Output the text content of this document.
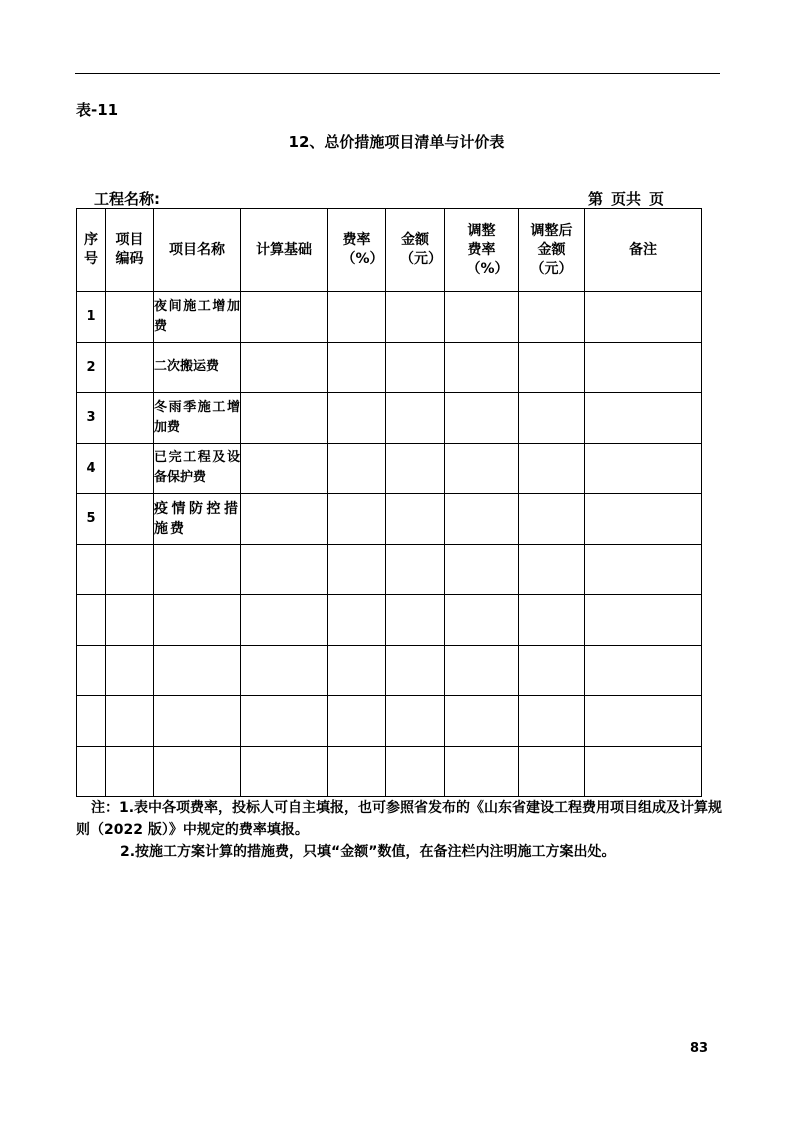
表-11
12、总价措施项目清单与计价表
工程名称:	第 页共 页
序号	项目编码	项目名称	计算基础	费率（%）	金额（元）	调整费率（%）	调整后金额（元）	备注

1		夜间施工增加费						
2		二次搬运费						
3		冬雨季施工增加费						
4		已完工程及设备保护费						
5		疫情防控措施费						

注：1.表中各项费率，投标人可自主填报，也可参照省发布的《山东省建设工程费用项目组成及计算规则（2022 版）》中规定的费率填报。

2.按施工方案计算的措施费，只填“金额”数值，在备注栏内注明施工方案出处。

83
